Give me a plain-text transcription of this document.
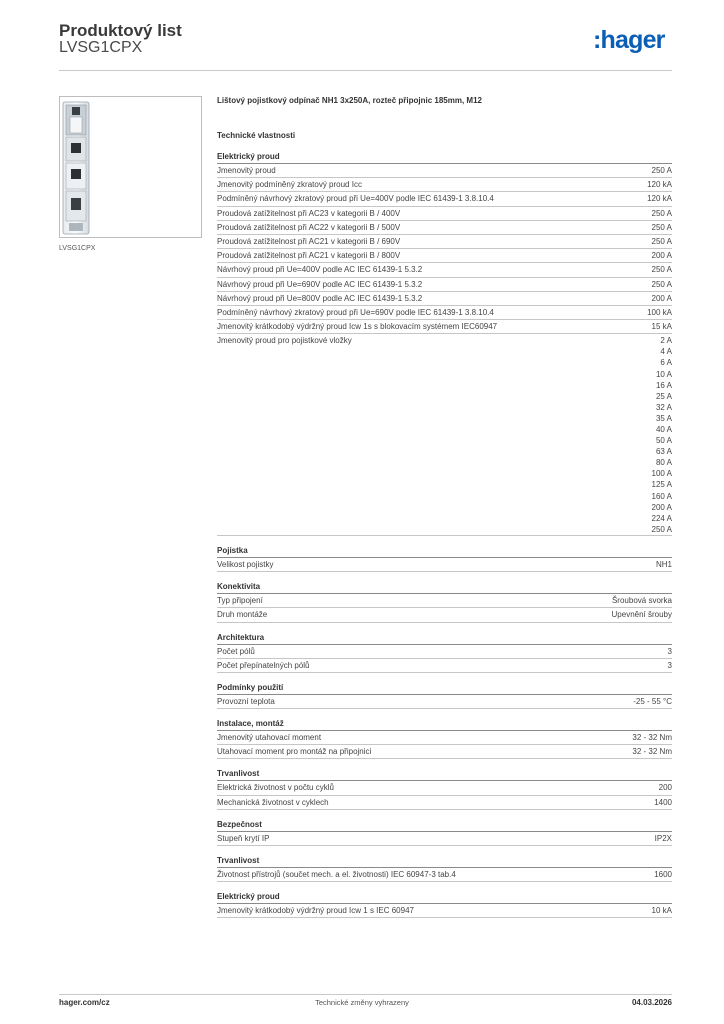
Produktový list
LVSG1CPX	:hager
LVSG1CPX
Lištový pojistkový odpínač NH1 3x250A, rozteč připojnic 185mm, M12
Technické vlastnosti
Elektrický proud
Jmenovitý proud	250 A
Jmenovitý podmíněný zkratový proud Icc	120 kA
Podmíněný návrhový zkratový proud při Ue=400V podle IEC 61439-1 3.8.10.4	120 kA
Proudová zatížitelnost při AC23 v kategorii B / 400V	250 A
Proudová zatížitelnost při AC22 v kategorii B / 500V	250 A
Proudová zatížitelnost při AC21 v kategorii B / 690V	250 A
Proudová zatížitelnost při AC21 v kategorii B / 800V	200 A
Návrhový proud při Ue=400V podle AC IEC 61439-1 5.3.2	250 A
Návrhový proud při Ue=690V podle AC IEC 61439-1 5.3.2	250 A
Návrhový proud při Ue=800V podle AC IEC 61439-1 5.3.2	200 A
Podmíněný návrhový zkratový proud při Ue=690V podle IEC 61439-1 3.8.10.4	100 kA
Jmenovitý krátkodobý výdržný proud Icw 1s s blokovacím systémem IEC60947	15 kA
Jmenovitý proud pro pojistkové vložky	2 A
4 A
6 A
10 A
16 A
25 A
32 A
35 A
40 A
50 A
63 A
80 A
100 A
125 A
160 A
200 A
224 A
250 A
Pojistka
Velikost pojistky	NH1
Konektivita
Typ připojení	Šroubová svorka
Druh montáže	Upevnění šrouby
Architektura
Počet pólů	3
Počet přepínatelných pólů	3
Podmínky použití
Provozní teplota	-25 - 55 °C
Instalace, montáž
Jmenovitý utahovací moment	32 - 32 Nm
Utahovací moment pro montáž na připojnici	32 - 32 Nm
Trvanlivost
Elektrická životnost v počtu cyklů	200
Mechanická životnost v cyklech	1400
Bezpečnost
Stupeň krytí IP	IP2X
Trvanlivost
Životnost přístrojů (součet mech. a el. životnosti) IEC 60947-3 tab.4	1600
Elektrický proud
Jmenovitý krátkodobý výdržný proud Icw 1 s IEC 60947	10 kA
hager.com/cz	Technické změny vyhrazeny	04.03.2026
